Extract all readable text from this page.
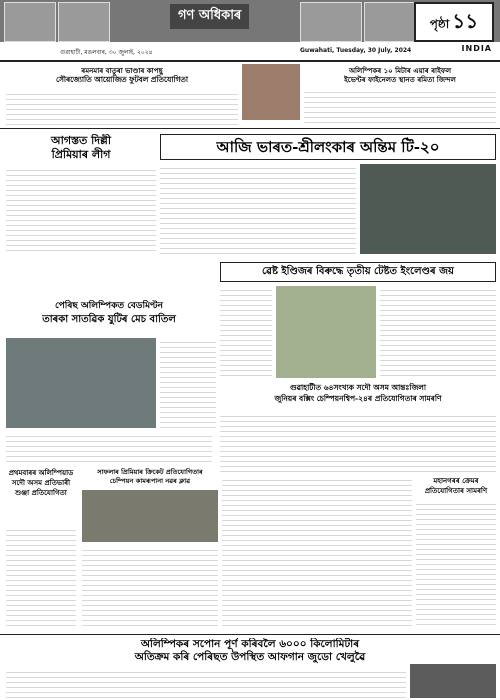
গণ অধিকাৰ
পৃষ্ঠা ১১
INDIA
গুৱাহাটী, মঙলবাৰ, ৩০ জুলাই, ২০২৪	Guwahati, Tuesday, 30 July, 2024
ৰমনমাৰ বাতুৰা ভাণ্ডাৰ কাপছু
সৌৰজ্যোতি আয়োজিত ফুটবল প্ৰতিযোগিতা
অলিম্পিকৰ ১০ মিটাৰ এয়াৰ ৰাইফল
ইভেণ্টৰ ফাইনেলত স্থানত ৰমিতা জিন্দল
আগস্তত দিল্লী
প্ৰিমিয়াৰ লীগ	আজি ভাৰত-শ্ৰীলংকাৰ অন্তিম টি-২০
ৱেষ্ট ইণ্ডিজৰ বিৰুদ্ধে তৃতীয় টেষ্টত ইংলেণ্ডৰ জয়
পেৰিছ অলিম্পিকত বেডমিণ্টন
তাৰকা সাতৱিক যুটিৰ মেচ বাতিল
গুৱাহাটীত ৬৪সংখ্যক সদৌ অসম আন্তঃজিলা
জুনিয়ৰ বক্সিং চেম্পিয়নশ্বিপ-২৪ৰ প্ৰতিযোগিতাৰ সামৰণি
প্ৰথমবাৰৰ অলিম্পিয়াড সদৌ অসম প্ৰতিভাৰী শুঞ্জা প্ৰতিযোগিতা
সাফলাৰ প্ৰিমিয়াৰ ক্ৰিকেট প্ৰতিযোগিতাৰ
চেম্পিয়ন কামৰূপানা নৱৰ ক্লাৱ	মহানগৰৰ ক্ৰেমৰ প্ৰতিযোগিতাৰ সামৰণি
অলিম্পিকৰ সপোন পূৰ্ণ কৰিবলৈ ৬০০০ কিলোমিটাৰ
অতিক্ৰম কৰি পেৰিছত উপস্থিত আফগান জুডো খেলুৱৈ
